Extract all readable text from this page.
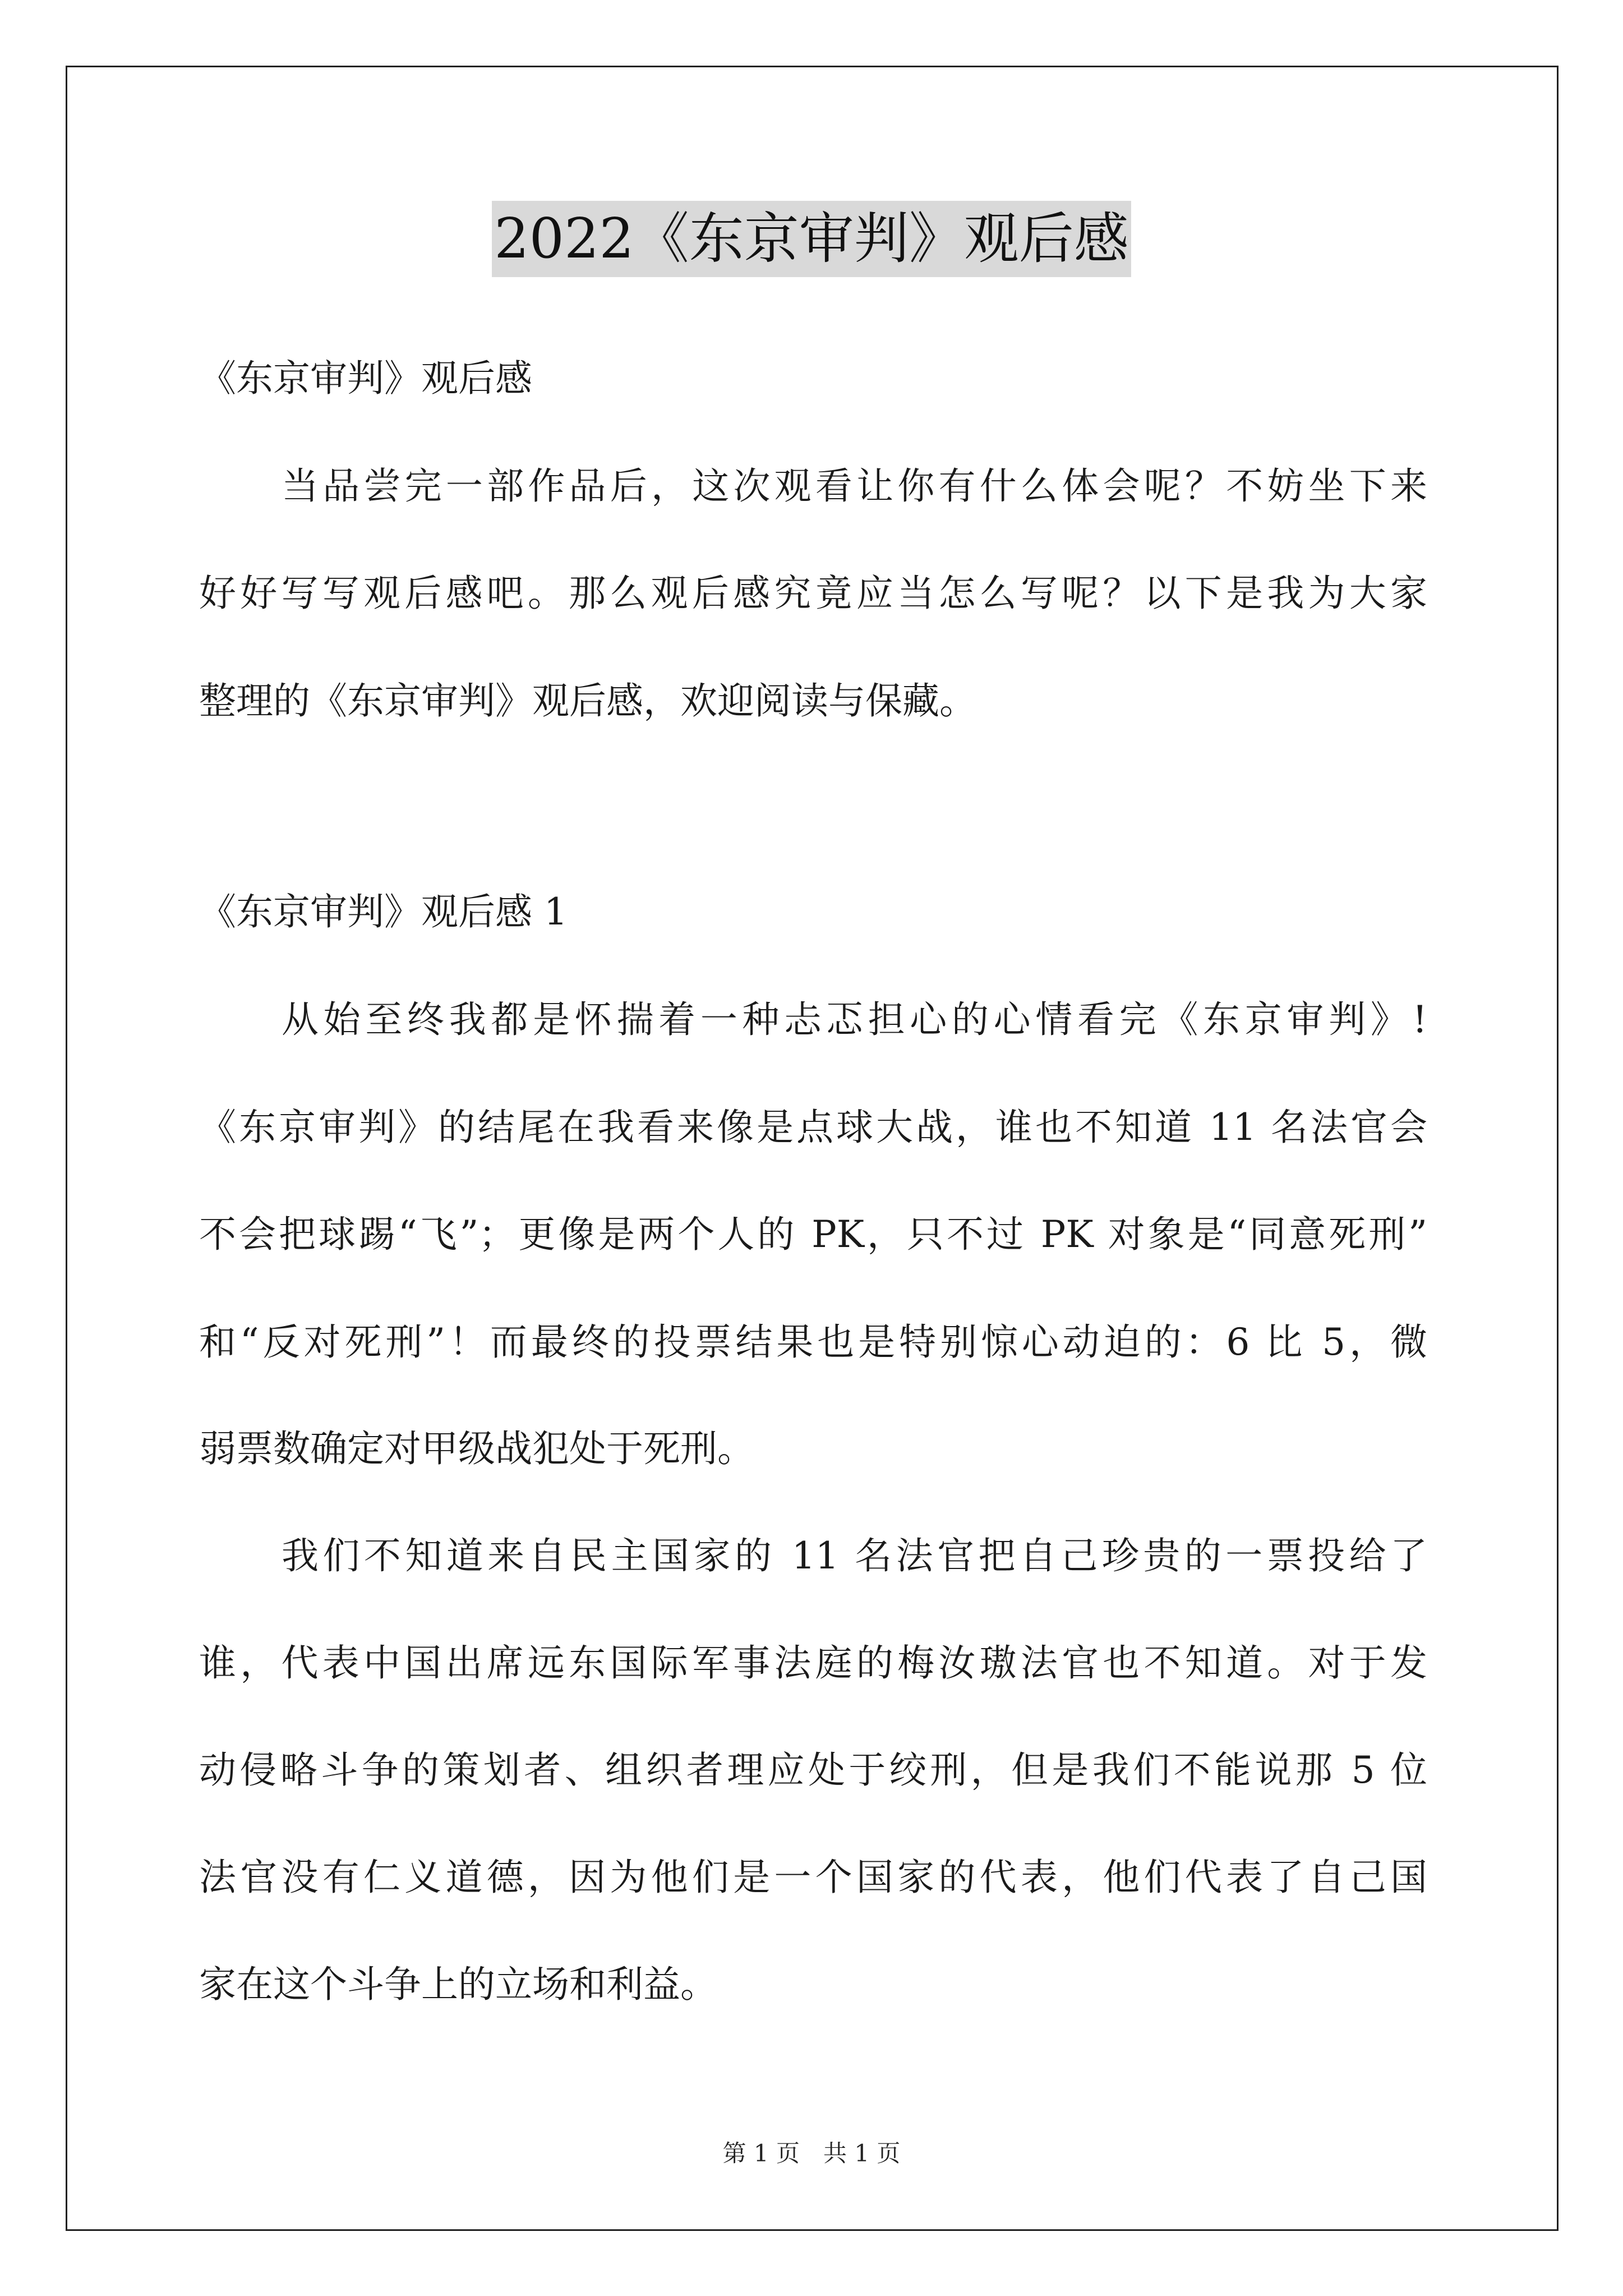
2022《东京审判》观后感
《东京审判》观后感
当品尝完一部作品后，这次观看让你有什么体会呢？不妨坐下来
好好写写观后感吧。那么观后感究竟应当怎么写呢？以下是我为大家
整理的《东京审判》观后感，欢迎阅读与保藏。
《东京审判》观后感 1
从始至终我都是怀揣着一种忐忑担心的心情看完《东京审判》!
《东京审判》的结尾在我看来像是点球大战，谁也不知道 11 名法官会
不会把球踢“飞”；更像是两个人的 PK，只不过 PK 对象是“同意死刑”
和“反对死刑”！而最终的投票结果也是特别惊心动迫的：6 比 5，微
弱票数确定对甲级战犯处于死刑。
我们不知道来自民主国家的 11 名法官把自己珍贵的一票投给了
谁，代表中国出席远东国际军事法庭的梅汝璈法官也不知道。对于发
动侵略斗争的策划者、组织者理应处于绞刑，但是我们不能说那 5 位
法官没有仁义道德，因为他们是一个国家的代表，他们代表了自己国
家在这个斗争上的立场和利益。
第 1 页　共 1 页
